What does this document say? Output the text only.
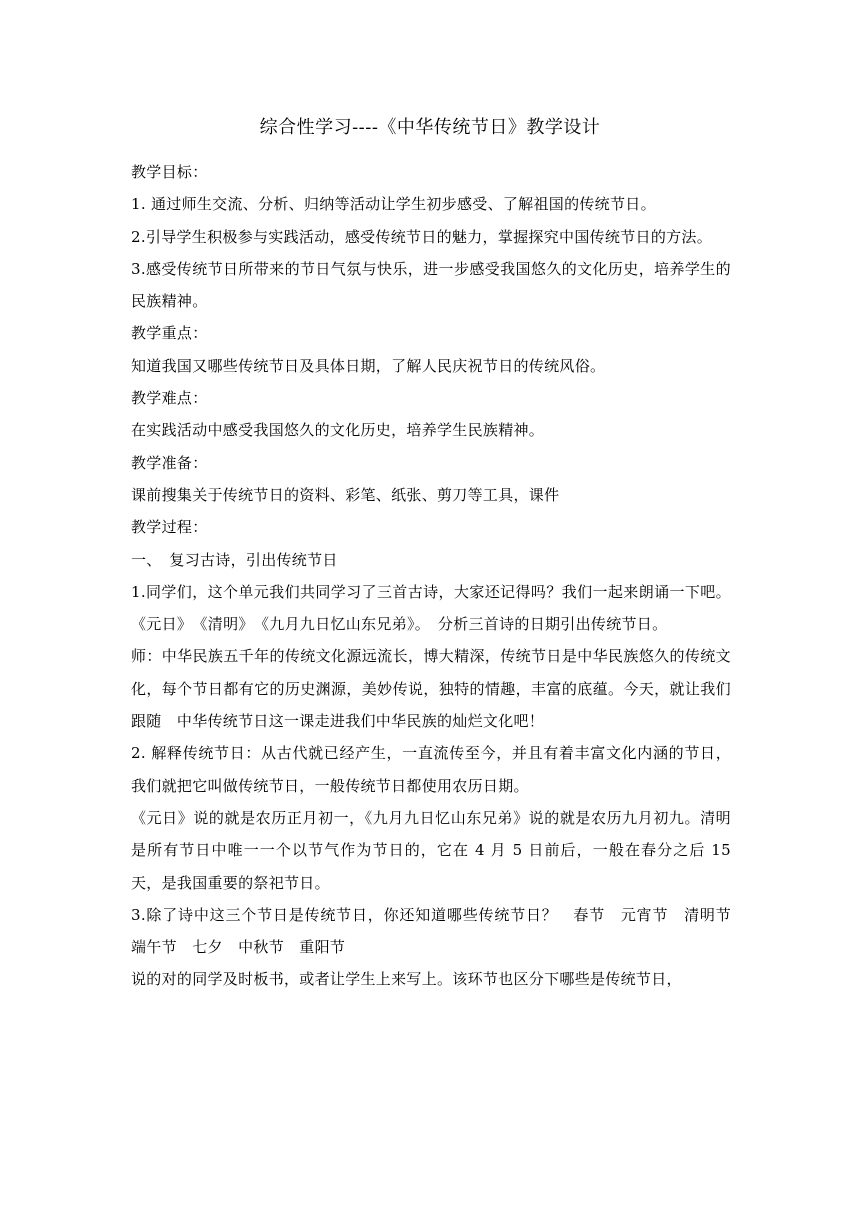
综合性学习----《中华传统节日》教学设计

教学目标：

1. 通过师生交流、分析、归纳等活动让学生初步感受、了解祖国的传统节日。

2.引导学生积极参与实践活动，感受传统节日的魅力，掌握探究中国传统节日的方法。

3.感受传统节日所带来的节日气氛与快乐，进一步感受我国悠久的文化历史，培养学生的民族精神。

教学重点：

知道我国又哪些传统节日及具体日期，了解人民庆祝节日的传统风俗。

教学难点：

在实践活动中感受我国悠久的文化历史，培养学生民族精神。

教学准备：

课前搜集关于传统节日的资料、彩笔、纸张、剪刀等工具，课件

教学过程：

一、　复习古诗，引出传统节日

1.同学们，这个单元我们共同学习了三首古诗，大家还记得吗？我们一起来朗诵一下吧。《元日》　《清明》　《九月九日忆山东兄弟》。　分析三首诗的日期引出传统节日。

师：中华民族五千年的传统文化源远流长，博大精深，传统节日是中华民族悠久的传统文化，每个节日都有它的历史渊源，美妙传说，独特的情趣，丰富的底蕴。今天，就让我们跟随　中华传统节日这一课走进我们中华民族的灿烂文化吧！

2. 解释传统节日：从古代就已经产生，一直流传至今，并且有着丰富文化内涵的节日，我们就把它叫做传统节日，一般传统节日都使用农历日期。

《元日》说的就是农历正月初一，《九月九日忆山东兄弟》说的就是农历九月初九。清明是所有节日中唯一一个以节气作为节日的，它在 4 月 5 日前后，一般在春分之后 15 天，是我国重要的祭祀节日。

3.除了诗中这三个节日是传统节日，你还知道哪些传统节日？　春节　元宵节　清明节　端午节　七夕　中秋节　重阳节

说的对的同学及时板书，或者让学生上来写上。该环节也区分下哪些是传统节日，
